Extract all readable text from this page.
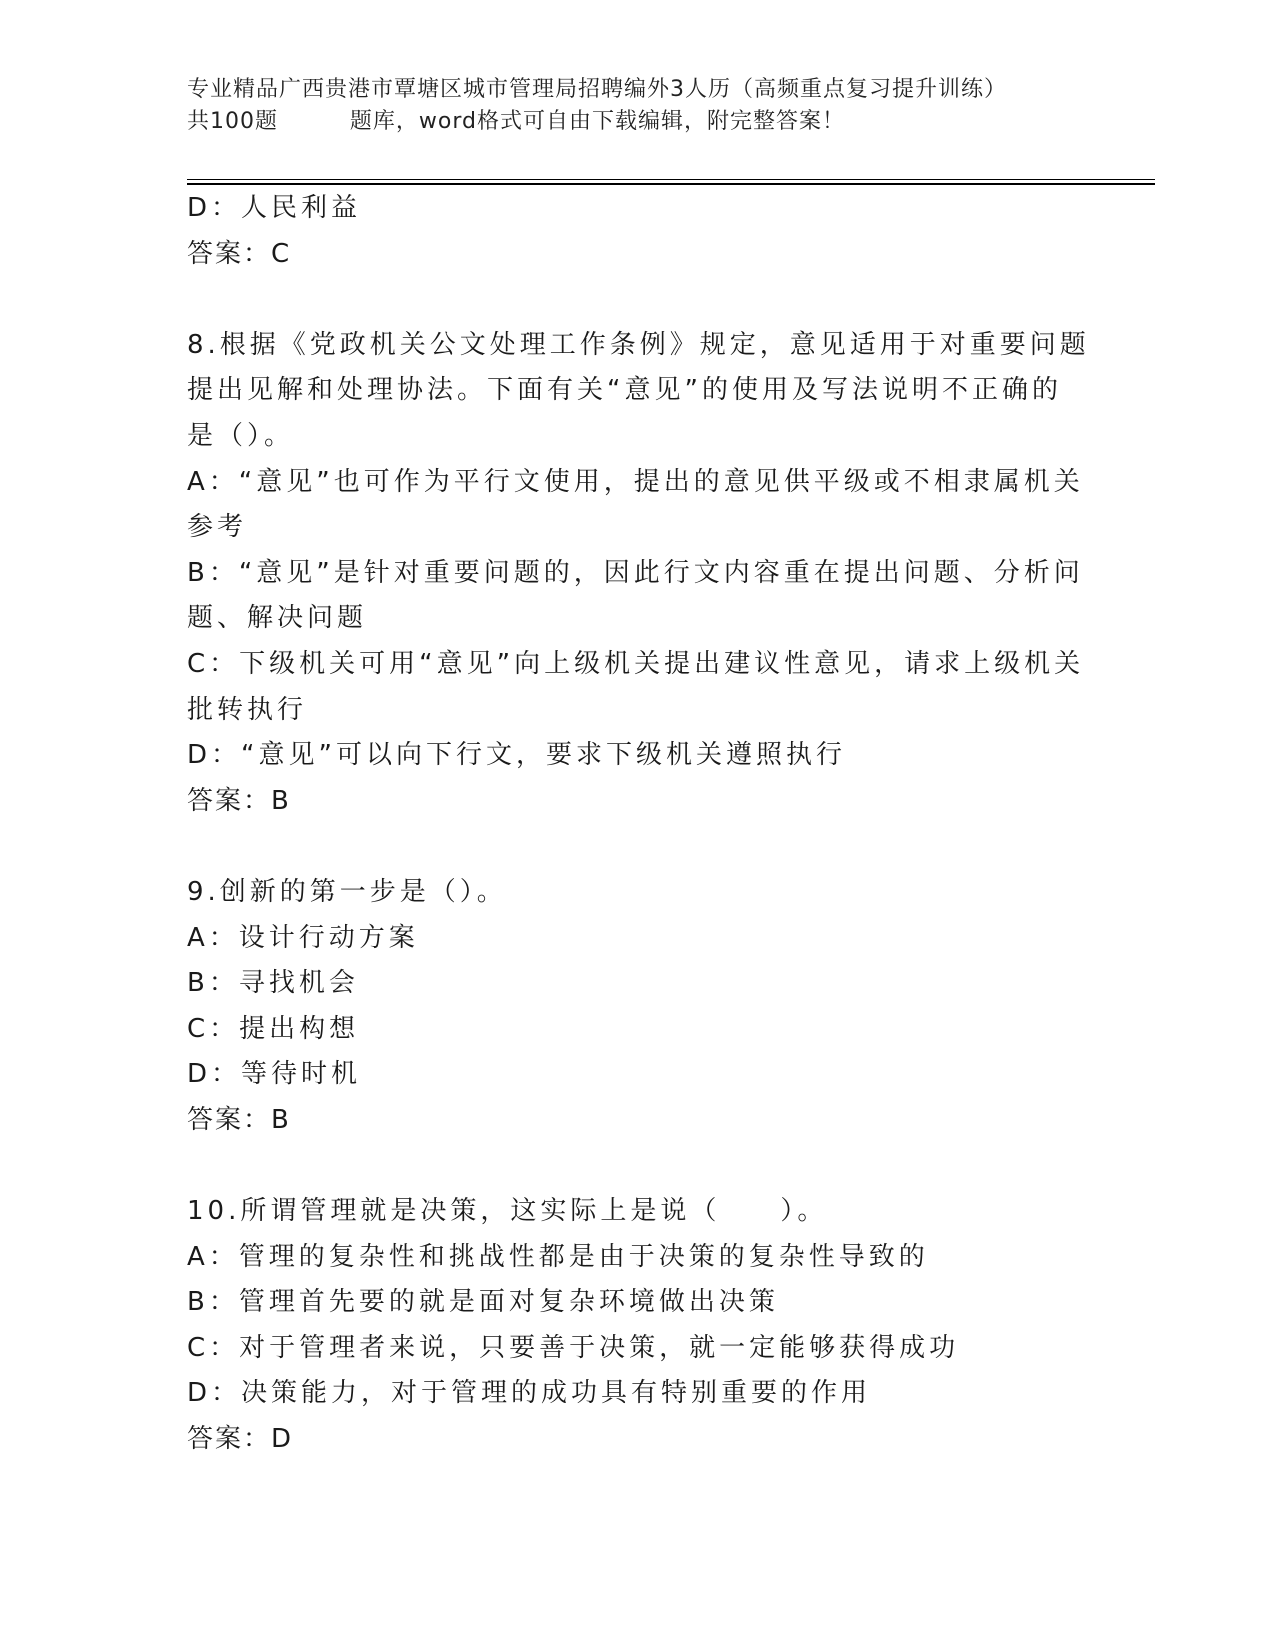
专业精品广西贵港市覃塘区城市管理局招聘编外3人历（高频重点复习提升训练）
共100题         题库，word格式可自由下载编辑，附完整答案！
D：人民利益
答案：C
8.根据《党政机关公文处理工作条例》规定，意见适用于对重要问题
提出见解和处理协法。下面有关“意见”的使用及写法说明不正确的
是（）。
A：“意见”也可作为平行文使用，提出的意见供平级或不相隶属机关
参考
B：“意见”是针对重要问题的，因此行文内容重在提出问题、分析问
题、解决问题
C：下级机关可用“意见”向上级机关提出建议性意见，请求上级机关
批转执行
D：“意见”可以向下行文，要求下级机关遵照执行
答案：B
9.创新的第一步是（）。
A：设计行动方案
B：寻找机会
C：提出构想
D：等待时机
答案：B
10.所谓管理就是决策，这实际上是说（　　）。
A：管理的复杂性和挑战性都是由于决策的复杂性导致的
B：管理首先要的就是面对复杂环境做出决策
C：对于管理者来说，只要善于决策，就一定能够获得成功
D：决策能力，对于管理的成功具有特别重要的作用
答案：D
